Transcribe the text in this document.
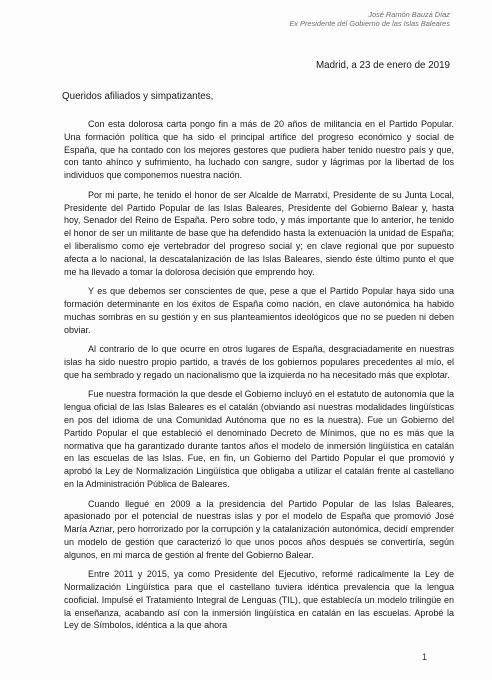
José Ramón Bauzá Díaz
Ex Presidente del Gobierno de las Islas Baleares
Madrid, a 23 de enero de 2019
Queridos afiliados y simpatizantes,

Con esta dolorosa carta pongo fin a más de 20 años de militancia en el Partido Popular. Una formación política que ha sido el principal artífice del progreso económico y social de España, que ha contado con los mejores gestores que pudiera haber tenido nuestro país y que, con tanto ahínco y sufrimiento, ha luchado con sangre, sudor y lágrimas por la libertad de los individuos que componemos nuestra nación.

Por mi parte, he tenido el honor de ser Alcalde de Marratxí, Presidente de su Junta Local, Presidente del Partido Popular de las Islas Baleares, Presidente del Gobierno Balear y, hasta hoy, Senador del Reino de España. Pero sobre todo, y más importante que lo anterior, he tenido el honor de ser un militante de base que ha defendido hasta la extenuación la unidad de España; el liberalismo como eje vertebrador del progreso social y; en clave regional que por supuesto afecta a lo nacional, la descatalanización de las Islas Baleares, siendo éste último punto el que me ha llevado a tomar la dolorosa decisión que emprendo hoy.

Y es que debemos ser conscientes de que, pese a que el Partido Popular haya sido una formación determinante en los éxitos de España como nación, en clave autonómica ha habido muchas sombras en su gestión y en sus planteamientos ideológicos que no se pueden ni deben obviar.

Al contrario de lo que ocurre en otros lugares de España, desgraciadamente en nuestras islas ha sido nuestro propio partido, a través de los gobiernos populares precedentes al mío, el que ha sembrado y regado un nacionalismo que la izquierda no ha necesitado más que explotar.

Fue nuestra formación la que desde el Gobierno incluyó en el estatuto de autonomía que la lengua oficial de las Islas Baleares es el catalán (obviando así nuestras modalidades lingüísticas en pos del idioma de una Comunidad Autónoma que no es la nuestra). Fue un Gobierno del Partido Popular el que estableció el denominado Decreto de Mínimos, que no es más que la normativa que ha garantizado durante tantos años el modelo de inmersión lingüística en catalán en las escuelas de las Islas. Fue, en fin, un Gobierno del Partido Popular el que promovió y aprobó la Ley de Normalización Lingüística que obligaba a utilizar el catalán frente al castellano en la Administración Pública de Baleares.

Cuando llegué en 2009 a la presidencia del Partido Popular de las Islas Baleares, apasionado por el potencial de nuestras islas y por el modelo de España que promovió José María Aznar, pero horrorizado por la corrupción y la catalanización autonómica, decidí emprender un modelo de gestión que caracterizó lo que unos pocos años después se convertiría, según algunos, en mi marca de gestión al frente del Gobierno Balear.

Entre 2011 y 2015, ya como Presidente del Ejecutivo, reformé radicalmente la Ley de Normalización Lingüística para que el castellano tuviera idéntica prevalencia que la lengua cooficial. Impulsé el Tratamiento Integral de Lenguas (TIL), que establecía un modelo trilingüe en la enseñanza, acabando así con la inmersión lingüística en catalán en las escuelas. Aprobé la Ley de Símbolos, idéntica a la que ahora

1
